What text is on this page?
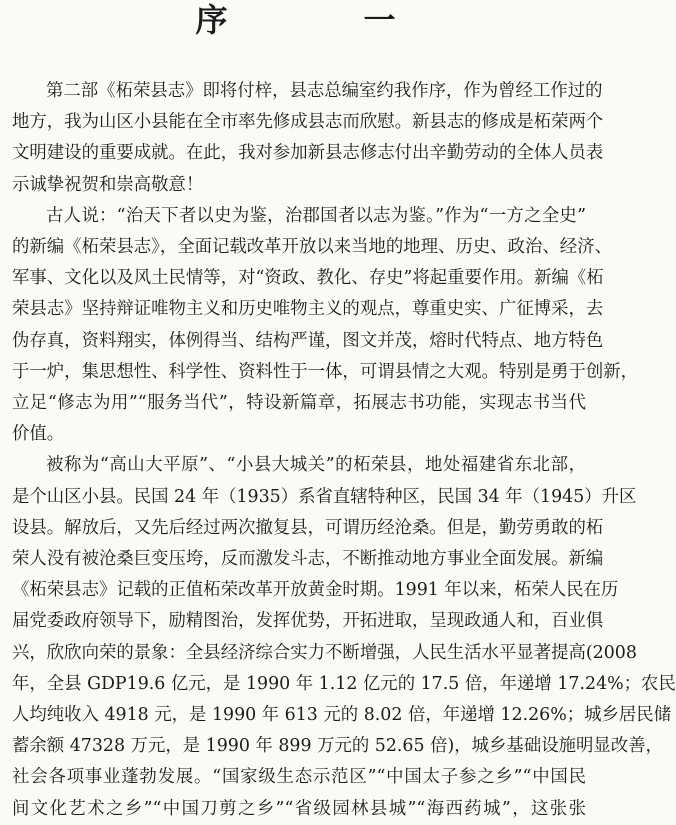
序　一

第二部《柘荣县志》即将付梓，县志总编室约我作序，作为曾经工作过的
地方，我为山区小县能在全市率先修成县志而欣慰。新县志的修成是柘荣两个
文明建设的重要成就。在此，我对参加新县志修志付出辛勤劳动的全体人员表
示诚挚祝贺和崇高敬意！

古人说：“治天下者以史为鉴，治郡国者以志为鉴。”作为“一方之全史”
的新编《柘荣县志》，全面记载改革开放以来当地的地理、历史、政治、经济、
军事、文化以及风土民情等，对“资政、教化、存史”将起重要作用。新编《柘
荣县志》坚持辩证唯物主义和历史唯物主义的观点，尊重史实、广征博采，去
伪存真，资料翔实，体例得当、结构严谨，图文并茂，熔时代特点、地方特色
于一炉，集思想性、科学性、资料性于一体，可谓县情之大观。特别是勇于创新，
立足“修志为用”“服务当代”，特设新篇章，拓展志书功能，实现志书当代
价值。

被称为“高山大平原”、“小县大城关”的柘荣县，地处福建省东北部，
是个山区小县。民国 24 年（1935）系省直辖特种区，民国 34 年（1945）升区
设县。解放后，又先后经过两次撤复县，可谓历经沧桑。但是，勤劳勇敢的柘
荣人没有被沧桑巨变压垮，反而激发斗志，不断推动地方事业全面发展。新编
《柘荣县志》记载的正值柘荣改革开放黄金时期。1991 年以来，柘荣人民在历
届党委政府领导下，励精图治，发挥优势，开拓进取，呈现政通人和，百业俱
兴，欣欣向荣的景象：全县经济综合实力不断增强，人民生活水平显著提高(2008
年，全县 GDP19.6 亿元，是 1990 年 1.12 亿元的 17.5 倍，年递增 17.24%；农民
人均纯收入 4918 元，是 1990 年 613 元的 8.02 倍，年递增 12.26%；城乡居民储
蓄余额 47328 万元，是 1990 年 899 万元的 52.65 倍)，城乡基础设施明显改善，
社会各项事业蓬勃发展。“国家级生态示范区”“中国太子参之乡”“中国民
间文化艺术之乡”“中国刀剪之乡”“省级园林县城”“海西药城”，这张张
